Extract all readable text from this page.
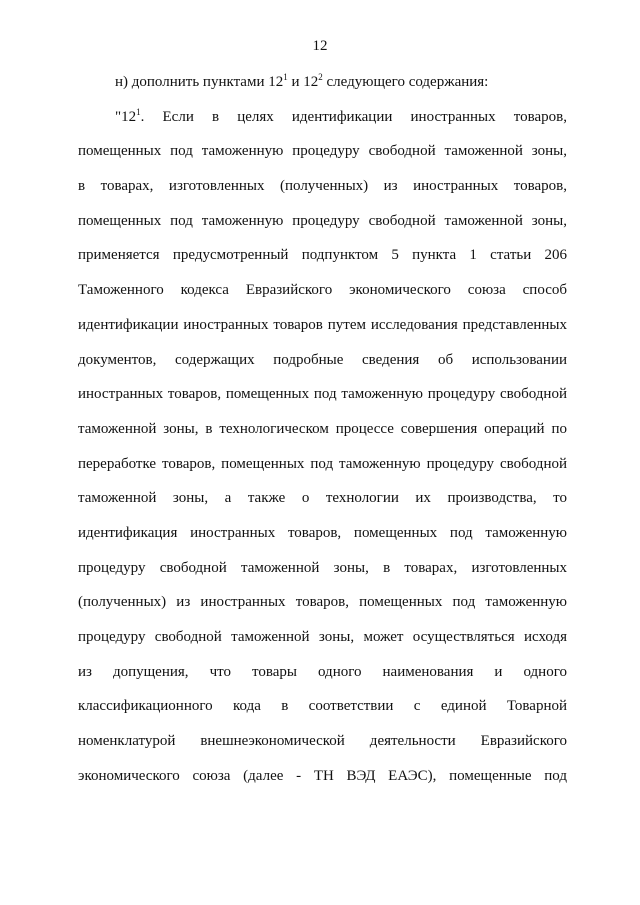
12
н) дополнить пунктами $12^1$ и $12^2$ следующего содержания:
"$12^1$. Если в целях идентификации иностранных товаров,
помещенных под таможенную процедуру свободной таможенной зоны,
в товарах, изготовленных (полученных) из иностранных товаров,
помещенных под таможенную процедуру свободной таможенной зоны,
применяется предусмотренный подпунктом 5 пункта 1 статьи 206
Таможенного кодекса Евразийского экономического союза способ
идентификации иностранных товаров путем исследования представленных
документов, содержащих подробные сведения об использовании
иностранных товаров, помещенных под таможенную процедуру свободной
таможенной зоны, в технологическом процессе совершения операций по
переработке товаров, помещенных под таможенную процедуру свободной
таможенной зоны, а также о технологии их производства, то
идентификация иностранных товаров, помещенных под таможенную
процедуру свободной таможенной зоны, в товарах, изготовленных
(полученных) из иностранных товаров, помещенных под таможенную
процедуру свободной таможенной зоны, может осуществляться исходя
из допущения, что товары одного наименования и одного
классификационного кода в соответствии с единой Товарной
номенклатурой внешнеэкономической деятельности Евразийского
экономического союза (далее - ТН ВЭД ЕАЭС), помещенные под
